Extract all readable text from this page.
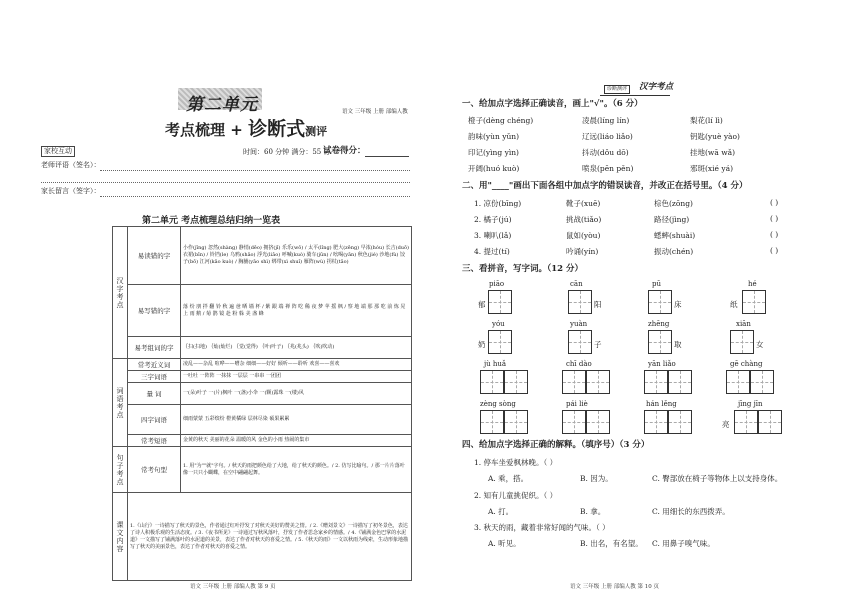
第二单元
考点梳理 + 诊断式测评
语文 三年级 上册 部编人教
家校互动	时间：60 分钟 满分：55 分
试卷得分：
老师评语（签名）：
家长留言（签字）：
第二单元 考点梳理总结归纳一览表
汉字考点	易读错的字	小作(jīng) 忽然(shàng) 静悄(dēo) 拥挤(jǐ) 乐乐(wǒ) / 太平(lǐng) 肥大(zēng) 早浓(hóu) 长吉(duō) 衣裙(bīn) / 铃铛(le) 乌鸦(shāo) 浮光(liǎo) 呼喊(kuò) 骑车(jūn) / 吆喝(yān) 秋色(jié) 沙地(fù) 饺子(bō) 江河(kāo kuò) / 胸脯(yāo shì) 绑带(xì shuǐ) 雁阵(wù) 拐杖(tǎo)
	易写错的字	落 纷 朋 拌 翻 铃 秋 遍 爸 晒 墙 杯 / 紫 跟 端 禅 阵 吃 稀 夜 梦 苹 摇 枫 / 察 地 端 那 那 吃 前 炼 晃 上 雨 鹅 / 菊 鹊 镜 赴 粉 躲 美 盏 蜂
	易考组词的字	｛扫(扫地) ｛灿(灿烂) ｛觉(觉得) ｛叶(叶子) ｛兆(兆头) ｛吹(吹动)
词语考点	常考近义词	凌乱——杂乱 喧哗——嘈杂 细细——好好 倾听——聆听 欢喜——喜欢
	三字词语	一吐吐 一阵阵 一抹抹 一层层 一串串 一团团
	量 词	一(朵)叶子 一(片)枫叶 一(盏)小伞 一(颗)露珠 一(缕)风
	四字词语	细雨蒙蒙 五彩缤纷 橙黄橘绿 层林尽染 硕果累累
	常考短语	金黄的秋天 美丽的花朵 温暖的风 金色的小雨 热闹的集市
句子考点	常考句型	1. 用"为""就"字句。/ 秋天的雨把颜色给了大地，给了秋天的颜色。/ 2. 仿写比喻句。/ 那一片片落叶像一只只小蝴蝶，在空中翩翩起舞。
课文内容	1.《山行》一诗描写了秋天的景色，作者通过红叶抒发了对秋天美好的赞美之情。/ 2.《赠刘景文》一诗描写了初冬景色，表达了诗人积极乐观的生活态度。/ 3.《夜书所见》一诗通过写秋风落叶，抒发了作者思念家乡的情感。/ 4.《铺满金色巴掌的水泥道》一文描写了铺满落叶的水泥道的美景，表达了作者对秋天的喜爱之情。/ 5.《秋天的雨》一文以秋雨为线索，生动形象地描写了秋天的美丽景色，表达了作者对秋天的喜爱之情。	
语文 三年级 上册 部编人教 第 9 页
诊断测评	汉字考点
一、给加点字选择正确读音，画上"√"。（6 分）
橙子(dèng chéng)	凌晨(líng lín)	梨花(lí lì)
韵味(yùn yǔn)	辽远(liáo liǎo)	钥匙(yuè yào)
印记(yìng yìn)	抖动(dǒu dō)	挂地(wā wǎ)
开阔(huó kuò)	喷泉(pēn pěn)	邪斑(xié yá)
二、用"____"画出下面各组中加点字的错误读音，并改正在括号里。（4 分）
1. 凉份(bīng)	靴子(xuē)	棕色(zōng)	( )
2. 橘子(jú)	挑战(tiǎo)	路径(jìng)	( )
3. 喇叭(lǎ)	鼠如(yòu)	蟋蟀(shuài)	( )
4. 提过(tí)	吟诵(yín)	振动(chén)	( )
三、看拼音，写字词。（12 分）
piāo
郁
cān
阳
pū
床
hé
纸
yóu
奶
yuàn
子
zhēng
取
xiān
女
jù huǎ	chī dào	yān liǎo	gē chàng
zèng sòng	pái liè	hán lěng	jīng jīn
亮
四、给加点字选择正确的解释。（填序号）（3 分）
1. 停车坐爱枫林晚。（ ）
A. 乘，搭。	B. 因为。	C. 臀部放在椅子等物体上以支持身体。
2. 知有儿童挑促织。（ ）
A. 打。	B. 拿。	C. 用细长的东西拨弄。
3. 秋天的雨，藏着非常好闻的气味。（ ）
A. 听见。	B. 出名，有名望。 C. 用鼻子嗅气味。
语文 三年级 上册 部编人教 第 10 页
